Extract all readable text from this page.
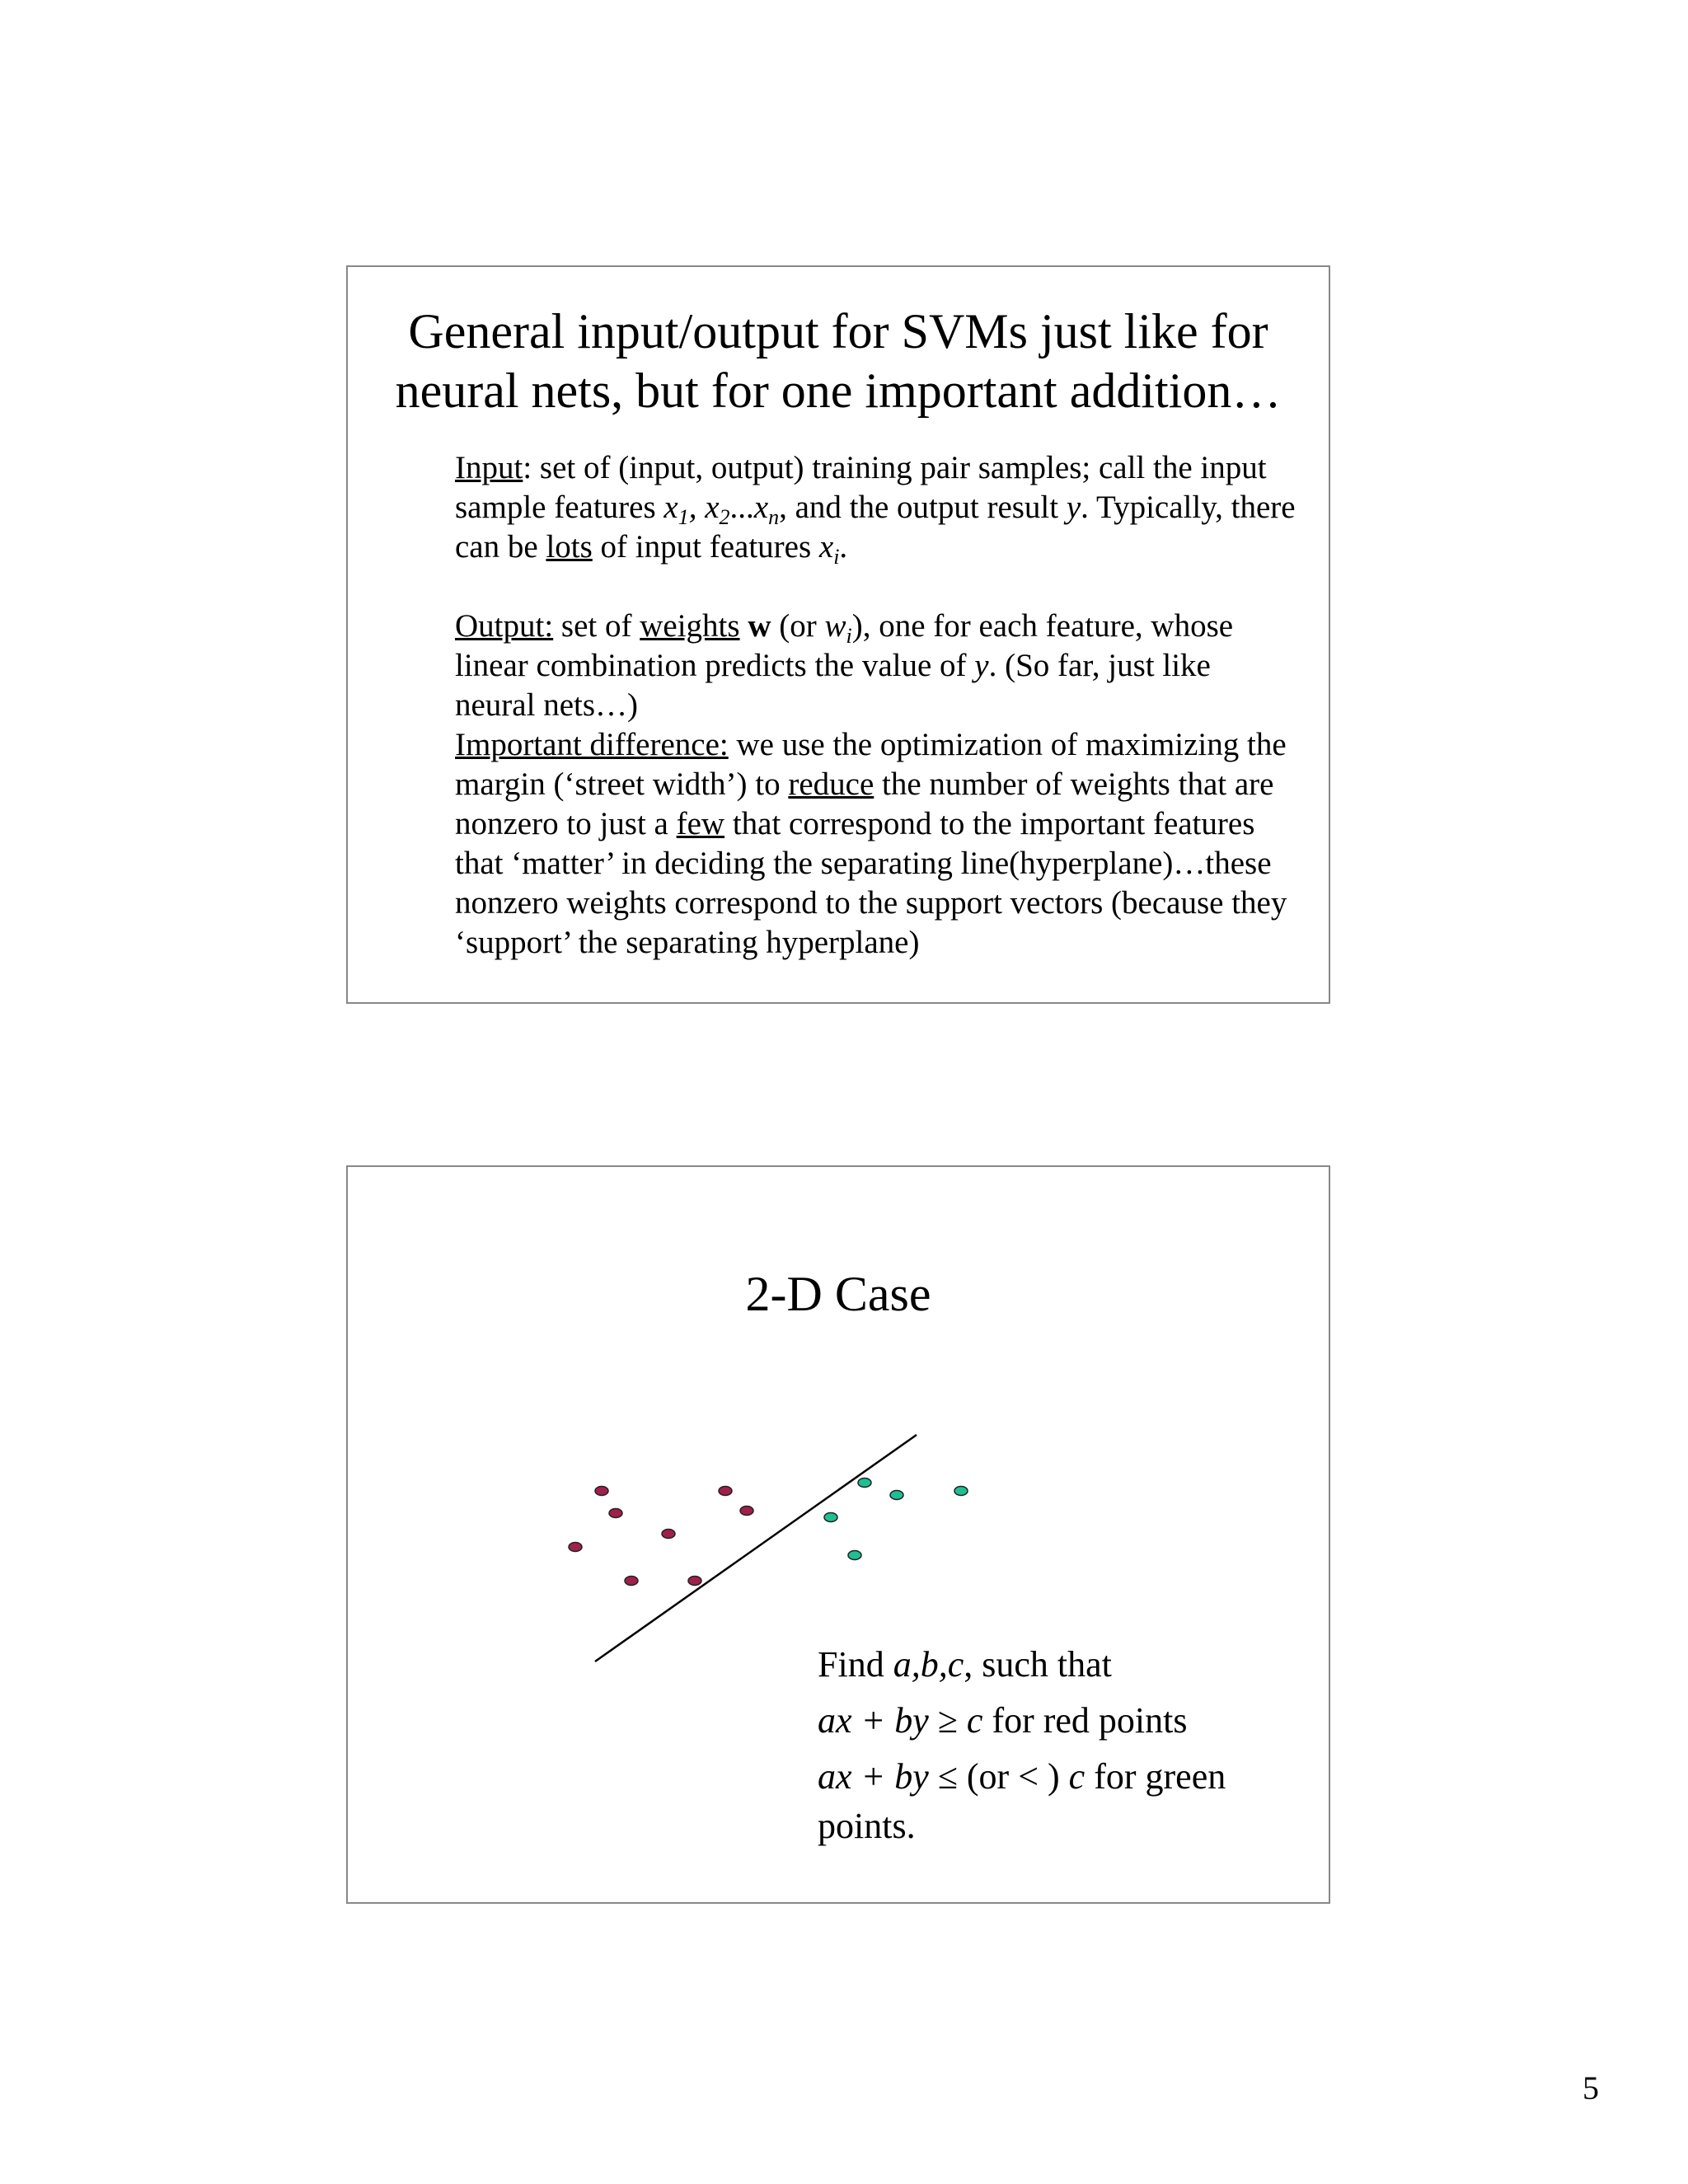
General input/output for SVMs just like for
neural nets, but for one important addition…

Input: set of (input, output) training pair samples; call the input sample features $x_1$, $x_2...x_n$, and the output result y. Typically, there can be lots of input features $x_i$.

Output: set of weights w (or $w_i$), one for each feature, whose linear combination predicts the value of y. (So far, just like neural nets…)

Important difference: we use the optimization of maximizing the margin (‘street width’) to reduce the number of weights that are nonzero to just a few that correspond to the important features that ‘matter’ in deciding the separating line(hyperplane)…these nonzero weights correspond to the support vectors (because they ‘support’ the separating hyperplane)

2-D Case

Find a,b,c, such that

ax + by ≥ c for red points

ax + by ≤ (or < ) c for green

points.

5
